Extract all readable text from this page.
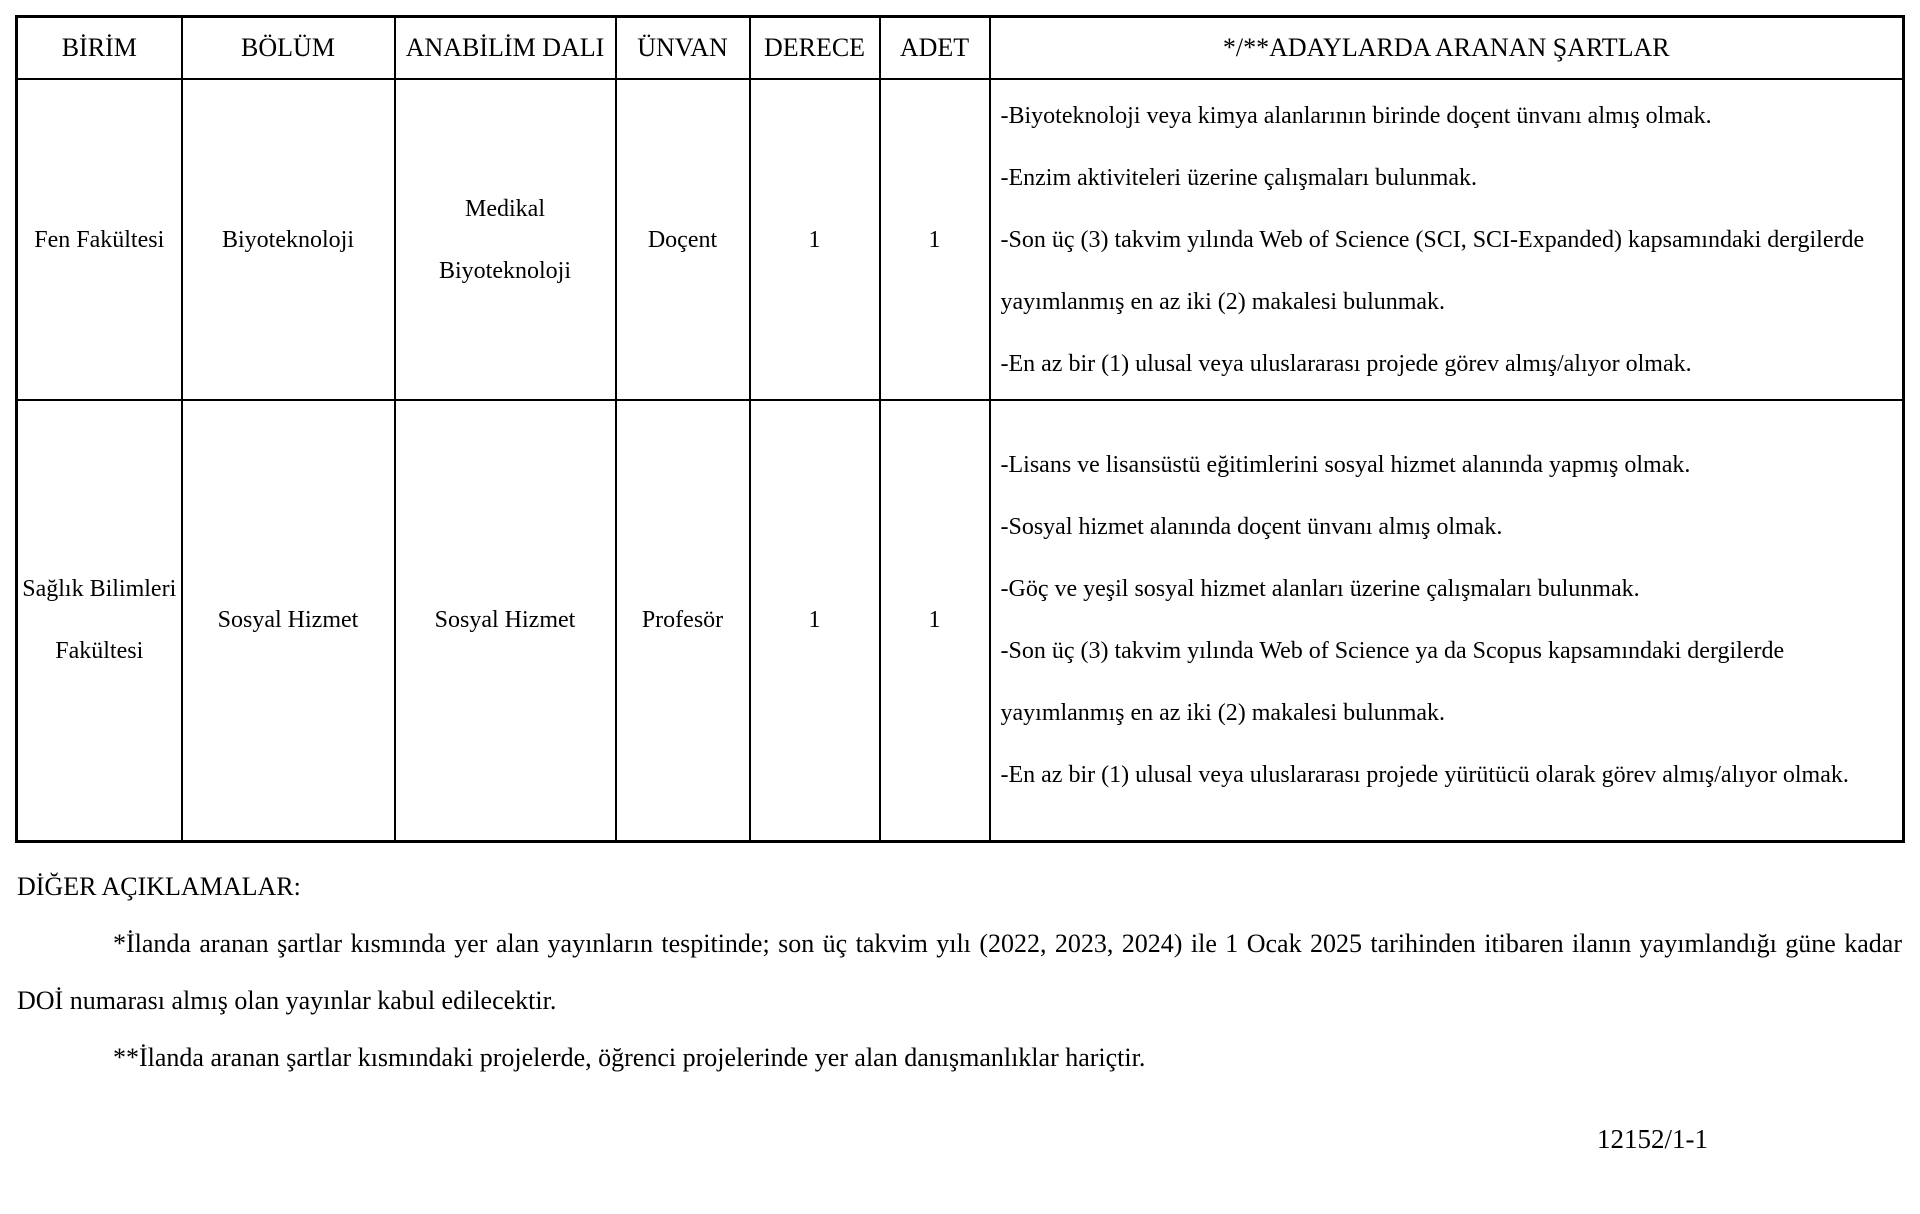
BİRİM	BÖLÜM	ANABİLİM DALI	ÜNVAN	DERECE	ADET	*/**ADAYLARDA ARANAN ŞARTLAR
Fen Fakültesi	Biyoteknoloji	Medikal Biyoteknoloji	Doçent	1	1	-Biyoteknoloji veya kimya alanlarının birinde doçent ünvanı almış olmak.

-Enzim aktiviteleri üzerine çalışmaları bulunmak.

-Son üç (3) takvim yılında Web of Science (SCI, SCI-Expanded) kapsamındaki dergilerde yayımlanmış en az iki (2) makalesi bulunmak.

-En az bir (1) ulusal veya uluslararası projede görev almış/alıyor olmak.

Sağlık Bilimleri Fakültesi	Sosyal Hizmet	Sosyal Hizmet	Profesör	1	1	-Lisans ve lisansüstü eğitimlerini sosyal hizmet alanında yapmış olmak.

-Sosyal hizmet alanında doçent ünvanı almış olmak.

-Göç ve yeşil sosyal hizmet alanları üzerine çalışmaları bulunmak.

-Son üç (3) takvim yılında Web of Science ya da Scopus kapsamındaki dergilerde yayımlanmış en az iki (2) makalesi bulunmak.

-En az bir (1) ulusal veya uluslararası projede yürütücü olarak görev almış/alıyor olmak.

DİĞER AÇIKLAMALAR:

*İlanda aranan şartlar kısmında yer alan yayınların tespitinde; son üç takvim yılı (2022, 2023, 2024) ile 1 Ocak 2025 tarihinden itibaren ilanın yayımlandığı güne kadar DOİ numarası almış olan yayınlar kabul edilecektir.

**İlanda aranan şartlar kısmındaki projelerde, öğrenci projelerinde yer alan danışmanlıklar hariçtir.

12152/1-1
